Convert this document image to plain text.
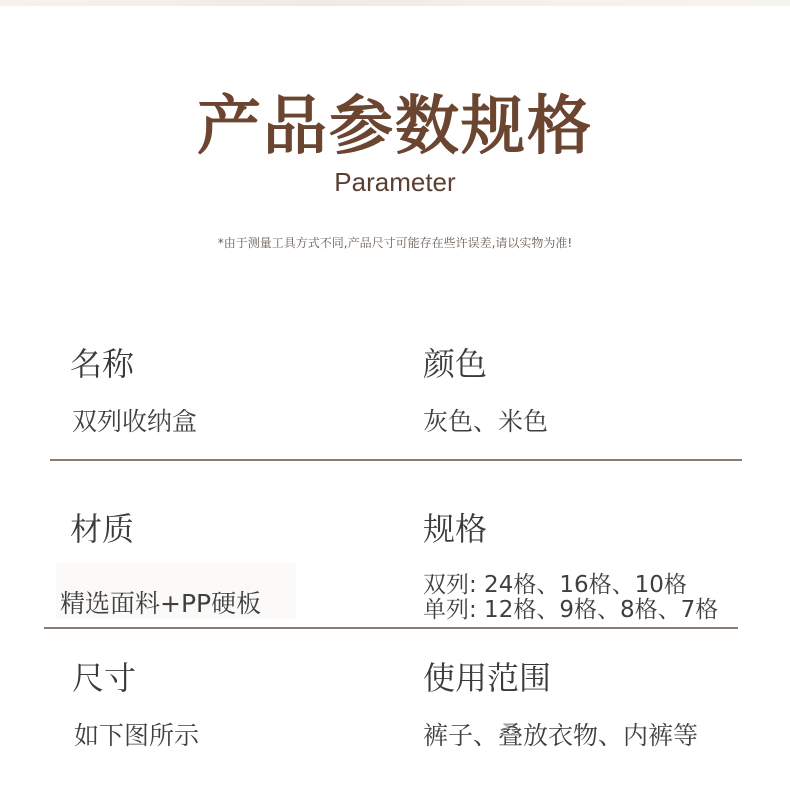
产品参数规格
Parameter
*由于测量工具方式不同,产品尺寸可能存在些许误差,请以实物为准!
名称
双列收纳盒
颜色
灰色、米色
材质
精选面料+PP硬板
规格
双列: 24格、16格、10格
单列: 12格、9格、8格、7格
尺寸
如下图所示
使用范围
裤子、叠放衣物、内裤等
